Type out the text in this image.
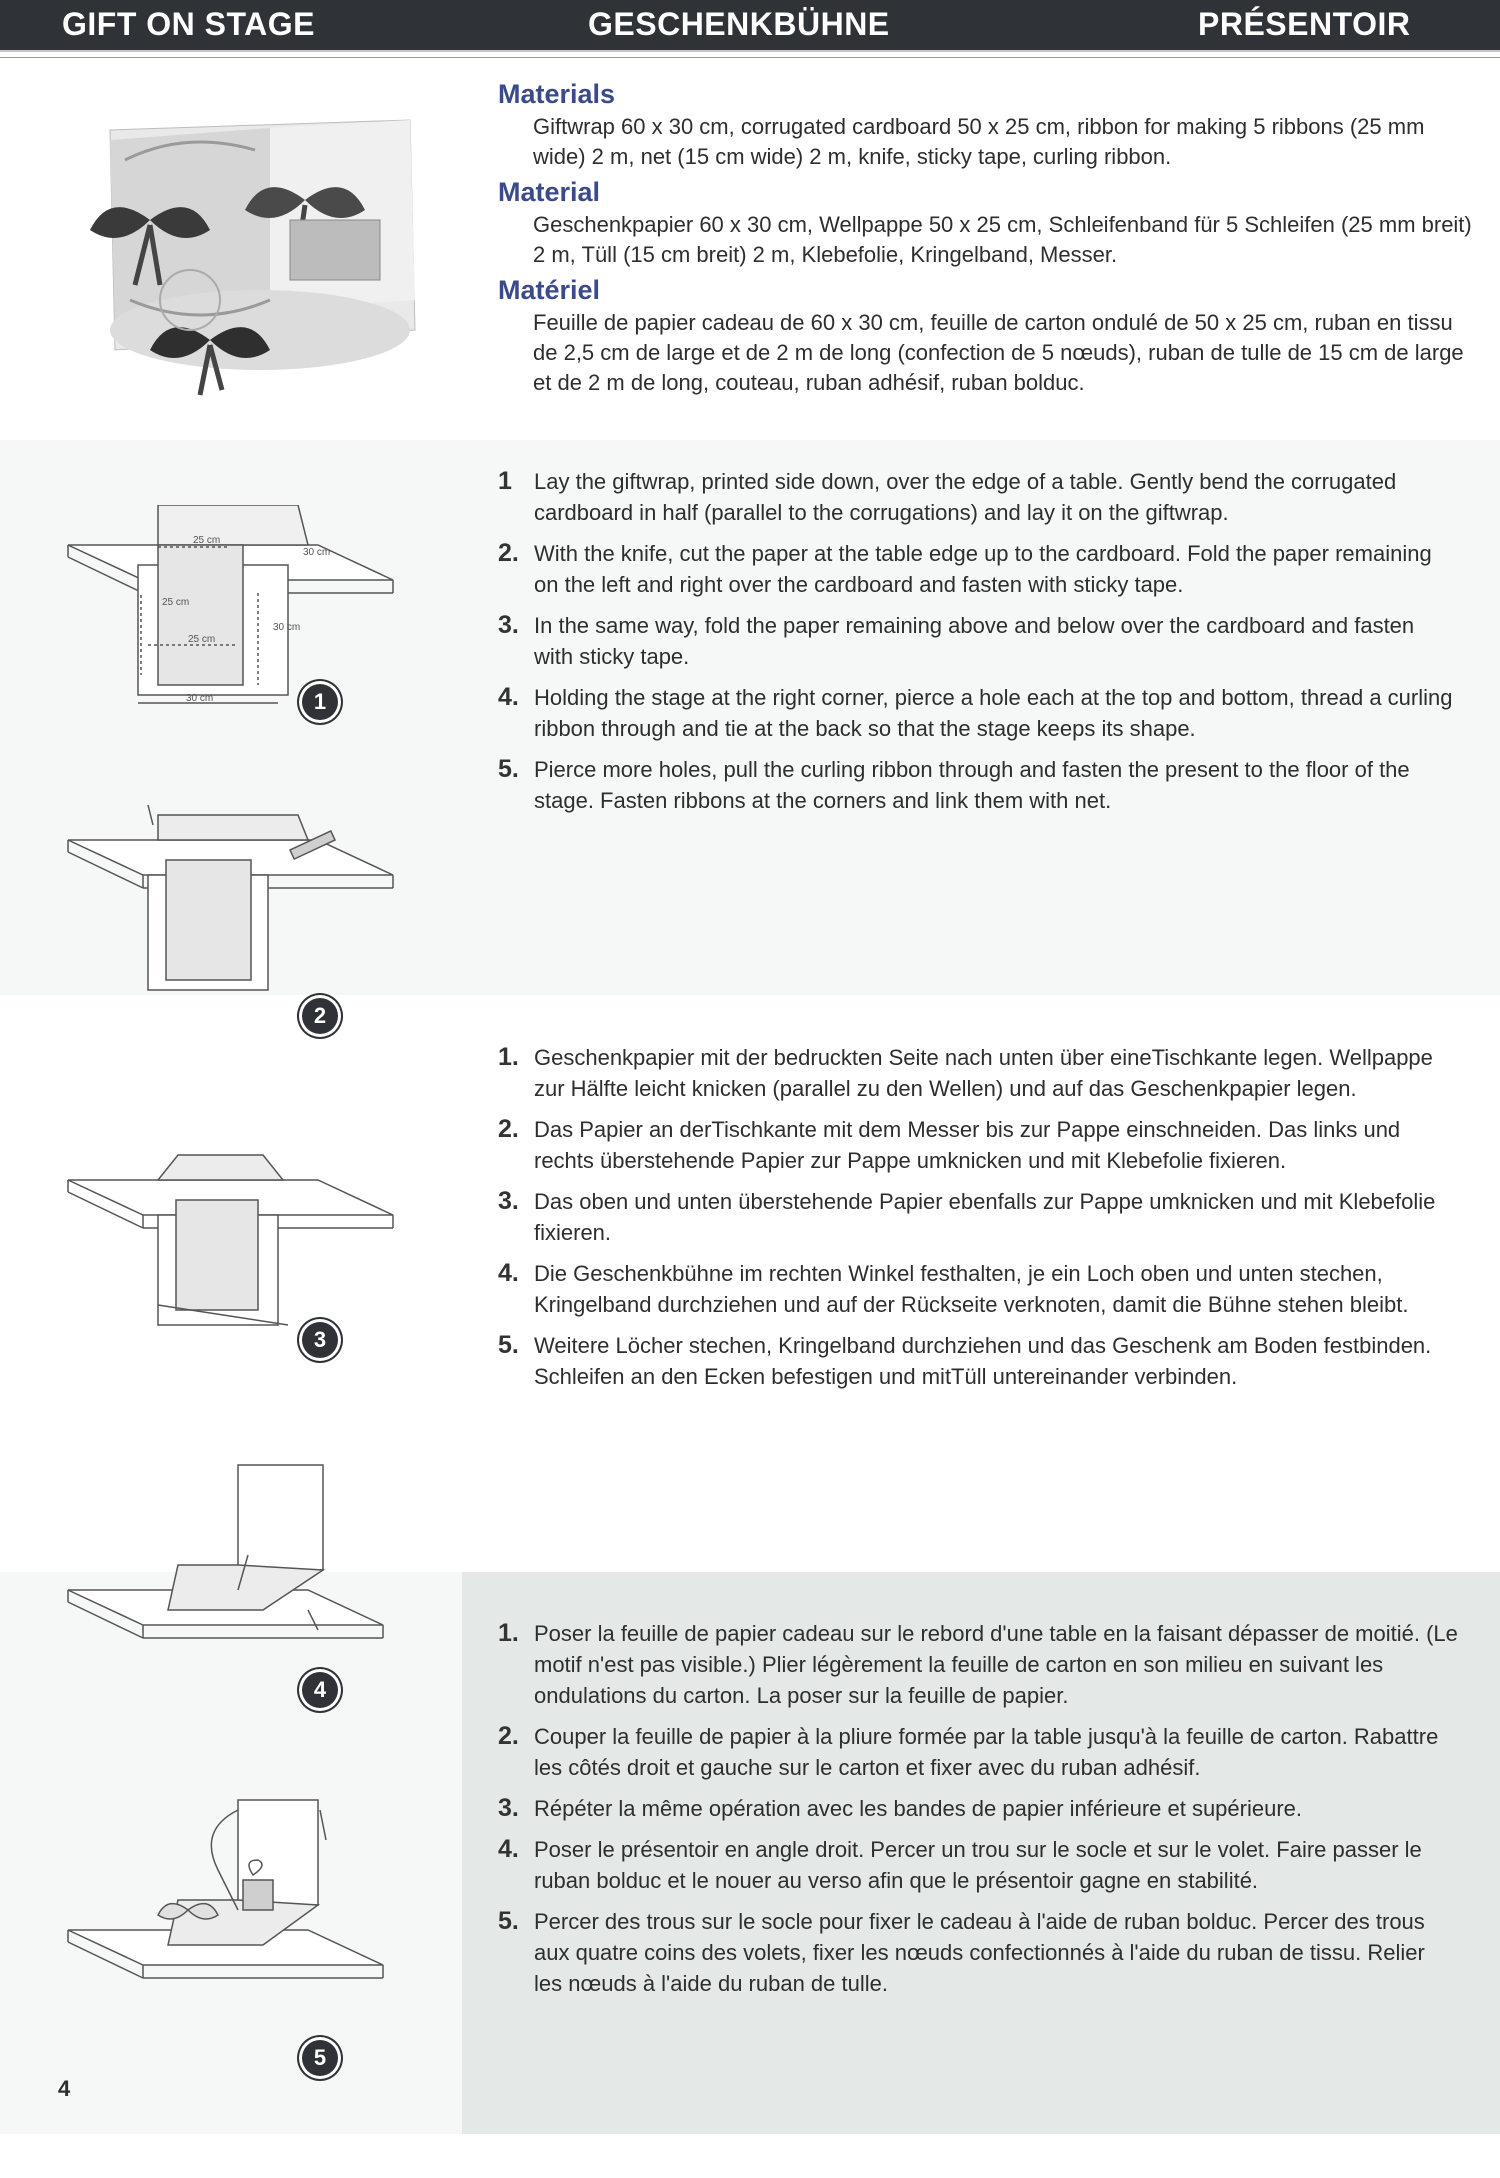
GIFT ON STAGE	GESCHENKBÜHNE	PRÉSENTOIR

Materials

Giftwrap 60 x 30 cm, corrugated cardboard 50 x 25 cm, ribbon for making 5 ribbons (25 mm wide) 2 m, net (15 cm wide) 2 m, knife, sticky tape, curling ribbon.

Material

Geschenkpapier 60 x 30 cm, Wellpappe 50 x 25 cm, Schleifenband für 5 Schleifen (25 mm breit) 2 m, Tüll (15 cm breit) 2 m, Klebefolie, Kringelband, Messer.

Matériel

Feuille de papier cadeau de 60 x 30 cm, feuille de carton ondulé de 50 x 25 cm, ruban en tissu de 2,5 cm de large et de 2 m de long (confection de 5 nœuds), ruban de tulle de 15 cm de large et de 2 m de long, couteau, ruban adhésif, ruban bolduc.

1	Lay the giftwrap, printed side down, over the edge of a table. Gently bend the corrugated cardboard in half (parallel to the corrugations) and lay it on the giftwrap.
2. With the knife, cut the paper at the table edge up to the cardboard. Fold the paper remaining on the left and right over the cardboard and fasten with sticky tape.
3. In the same way, fold the paper remaining above and below over the cardboard and fasten with sticky tape.
4. Holding the stage at the right corner, pierce a hole each at the top and bottom, thread a curling ribbon through and tie at the back so that the stage keeps its shape.
5. Pierce more holes, pull the curling ribbon through and fasten the present to the floor of the stage. Fasten ribbons at the corners and link them with net.
1. Geschenkpapier mit der bedruckten Seite nach unten über eineTischkante legen. Wellpappe zur Hälfte leicht knicken (parallel zu den Wellen) und auf das Geschenkpapier legen.
2. Das Papier an derTischkante mit dem Messer bis zur Pappe einschneiden. Das links und rechts überstehende Papier zur Pappe umknicken und mit Klebefolie fixieren.
3. Das oben und unten überstehende Papier ebenfalls zur Pappe umknicken und mit Klebefolie fixieren.
4. Die Geschenkbühne im rechten Winkel festhalten, je ein Loch oben und unten stechen, Kringelband durchziehen und auf der Rückseite verknoten, damit die Bühne stehen bleibt.
5. Weitere Löcher stechen, Kringelband durchziehen und das Geschenk am Boden festbinden. Schleifen an den Ecken befestigen und mitTüll untereinander verbinden.
1. Poser la feuille de papier cadeau sur le rebord d'une table en la faisant dépasser de moitié. (Le motif n'est pas visible.) Plier légèrement la feuille de carton en son milieu en suivant les ondulations du carton. La poser sur la feuille de papier.
2. Couper la feuille de papier à la pliure formée par la table jusqu'à la feuille de carton. Rabattre les côtés droit et gauche sur le carton et fixer avec du ruban adhésif.
3. Répéter la même opération avec les bandes de papier inférieure et supérieure.
4. Poser le présentoir en angle droit. Percer un trou sur le socle et sur le volet. Faire passer le ruban bolduc et le nouer au verso afin que le présentoir gagne en stabilité.
5. Percer des trous sur le socle pour fixer le cadeau à l'aide de ruban bolduc. Percer des trous aux quatre coins des volets, fixer les nœuds confectionnés à l'aide du ruban de tissu. Relier les nœuds à l'aide du ruban de tulle.
25 cm
30 cm
25 cm
25 cm
30 cm
30 cm	1
2
3
4
5
4
